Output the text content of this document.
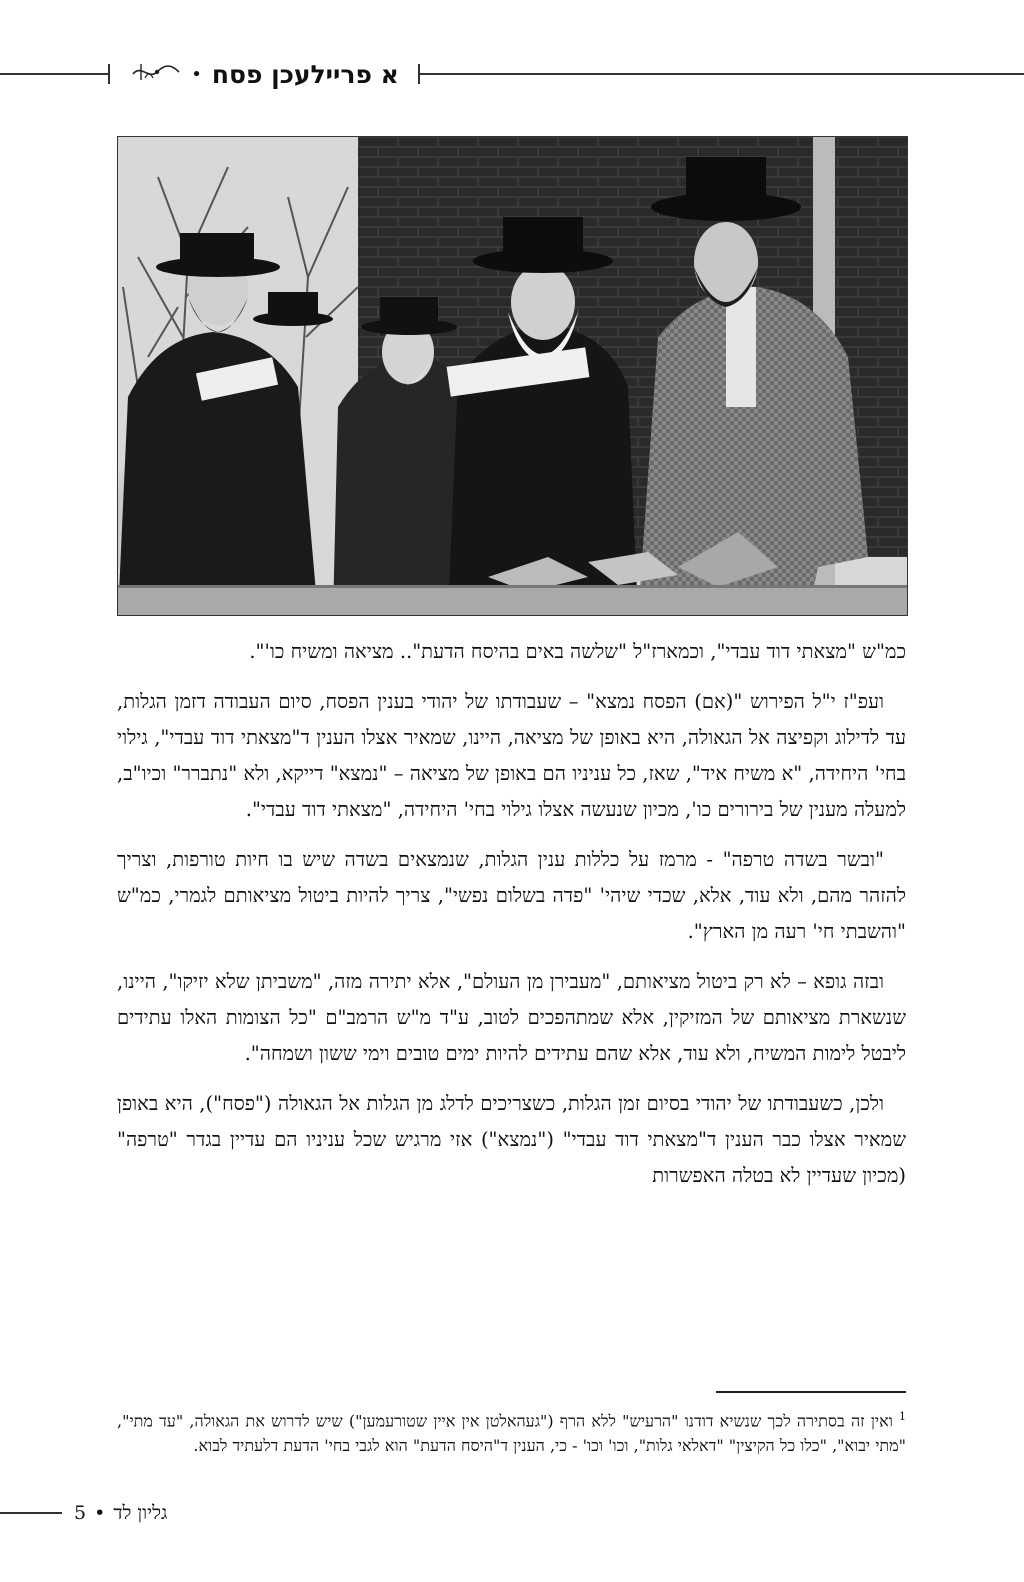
א פריילעכן פסח
•

כמ"ש "מצאתי דוד עבדי", וכמארז"ל "שלשה באים בהיסח הדעת".. מציאה ומשיח כו'".

ועפ"ז י"ל הפירוש "(אם) הפסח נמצא" – שעבודתו של יהודי בענין הפסח, סיום העבודה דזמן הגלות, עד לדילוג וקפיצה אל הגאולה, היא באופן של מציאה, היינו, שמאיר אצלו הענין ד"מצאתי דוד עבדי", גילוי בחי' היחידה, "א משיח איד", שאז, כל עניניו הם באופן של מציאה – "נמצא" דייקא, ולא "נתברר" וכיו"ב, למעלה מענין של בירורים כו', מכיון שנעשה אצלו גילוי בחי' היחידה, "מצאתי דוד עבדי".

"ובשר בשדה טרפה" - מרמז על כללות ענין הגלות, שנמצאים בשדה שיש בו חיות טורפות, וצריך להזהר מהם, ולא עוד, אלא, שכדי שיהי' "פדה בשלום נפשי", צריך להיות ביטול מציאותם לגמרי, כמ"ש "והשבתי חי' רעה מן הארץ".

ובזה גופא – לא רק ביטול מציאותם, "מעבירן מן העולם", אלא יתירה מזה, "משביתן שלא יזיקו", היינו, שנשארת מציאותם של המזיקין, אלא שמתהפכים לטוב, ע"ד מ"ש הרמב"ם "כל הצומות האלו עתידים ליבטל לימות המשיח, ולא עוד, אלא שהם עתידים להיות ימים טובים וימי ששון ושמחה".

ולכן, כשעבודתו של יהודי בסיום זמן הגלות, כשצריכים לדלג מן הגלות אל הגאולה ("פסח"), היא באופן שמאיר אצלו כבר הענין ד"מצאתי דוד עבדי" ("נמצא") אזי מרגיש שכל עניניו הם עדיין בגדר "טרפה" (מכיון שעדיין לא בטלה האפשרות

$^1$ ואין זה בסתירה לכך שנשיא דודנו "הרעיש" ללא הרף ("געהאלטן אין איין שטורעמען") שיש לדרוש את הגאולה, "עד מתי", "מתי יבוא", "כלו כל הקיצין" "דאלאי גלות", וכו' וכו' - כי, הענין ד"היסח הדעת" הוא לגבי בחי' הדעת דלעתיד לבוא.
5 • גליון לד
